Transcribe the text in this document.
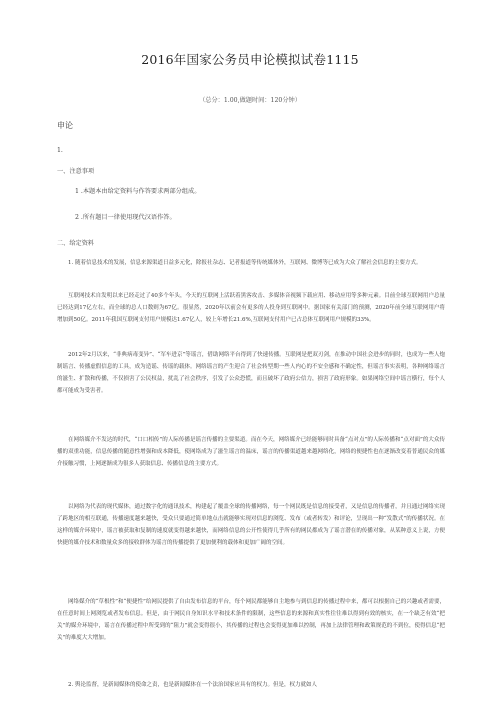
2016年国家公务员申论模拟试卷1115
（总分：1.00,做题时间：120分钟）
申论
1.
一、注意事项
1 .本题本由给定资料与作答要求两部分组成。
2 .所有题目一律使用现代汉语作答。
二、给定资料

1. 随着信息技术的发展，信息来源渠道日益多元化，除报社杂志、记者报道等传统媒体外，互联网、微博等已成为大众了解社会信息的主要方式。

互联网技术自发明以来已经走过了40多个年头，今天的互联网上活跃着黑客攻击、多媒体音视频下载应用、移动应用等多种元素。目前全球互联网用户总量已经达到17亿左右，而全球的总人口数则为67亿。很显然，2020年以前会有更多的人投身到互联网中。据国家有关部门的预测，2020年前全球互联网用户将增加到50亿。2011年我国互联网支付用户规模达1.67亿人，较上年增长21.6%,互联网支付用户已占总体互联网用户规模的33%。

2012年2月以来，“非典病毒变异”、“军车进京”等谣言，借助网络平台得到了快速传播。互联网是把双刃剑，在推动中国社会进步的同时，也成为一些人炮制谣言、传播虚假信息的工具，成为造谣、传谣的载体。网络谣言的产生迎合了社会转型期一些人内心的不安全感和不确定性，但谣言事实表明，各种网络谣言的滋生、扩散和传播，不仅损害了公民权益，扰乱了社会秩序，引发了公众恐慌，而且破坏了政府公信力，损害了政府形象。如果网络空间中谣言横行，每个人都可能成为受害者。

在网络媒介不发达的时代，“口口相传”的人际传播是谣言传播的主要渠道。而在今天，网络媒介已经能够同时具备“点对点”的人际传播和“点对面”的大众传播的双重功能，信息传播的随意性增强和成本降低，使网络成为了滋生谣言的温床，谣言的传播渠道越来越网络化，网络的便捷性也在逐渐改变着普通民众的媒介接触习惯，上网逐渐成为很多人获取信息、传播信息的主要方式。

以网络为代表的现代媒体，通过数字化的通讯技术，构建起了覆盖全球的传播网络，每一个网民既是信息的接受者，又是信息的传播者，并且通过网络实现了跨地区的相互联通，传播速度越来越快，受众只要通过简单地点击就能够实现对信息的浏览、发布（或者转发）和评论，呈现出一种“发散式”的传播状况。在这样的媒介环境中，谣言被获取和复制的速度就变得越来越快，而网络信息的公开性使得几乎所有的网民都成为了谣言潜在的传播对象，从某种意义上说，方便快捷的媒介技术和数量众多的接收群体为谣言的传播提供了更加便利的载体和更加广阔的空间。

网络媒介的“草根性”和“便捷性”给网民提供了自由发布信息的平台，每个网民都能够自主地参与到信息的传播过程中来，都可以根据自己的兴趣或者需要，在任意时间上网浏览或者发布信息。但是，由于网民自身知识水平和技术条件的限制，这些信息的来源和真实性往往难以得到有效的核实，在一个缺乏有效“把关”的媒介环境中，谣言在传播过程中所受到的“阻力”就会变得很小，其传播的过程也会变得更加难以控制，再加上法律管理和政策规范的不到位，使得信息“把关”的难度大大增加。

2. 舆论监督，是新闻媒体的使命之责，也是新闻媒体在一个法治国家应具有的权力。但是，权力就如人
